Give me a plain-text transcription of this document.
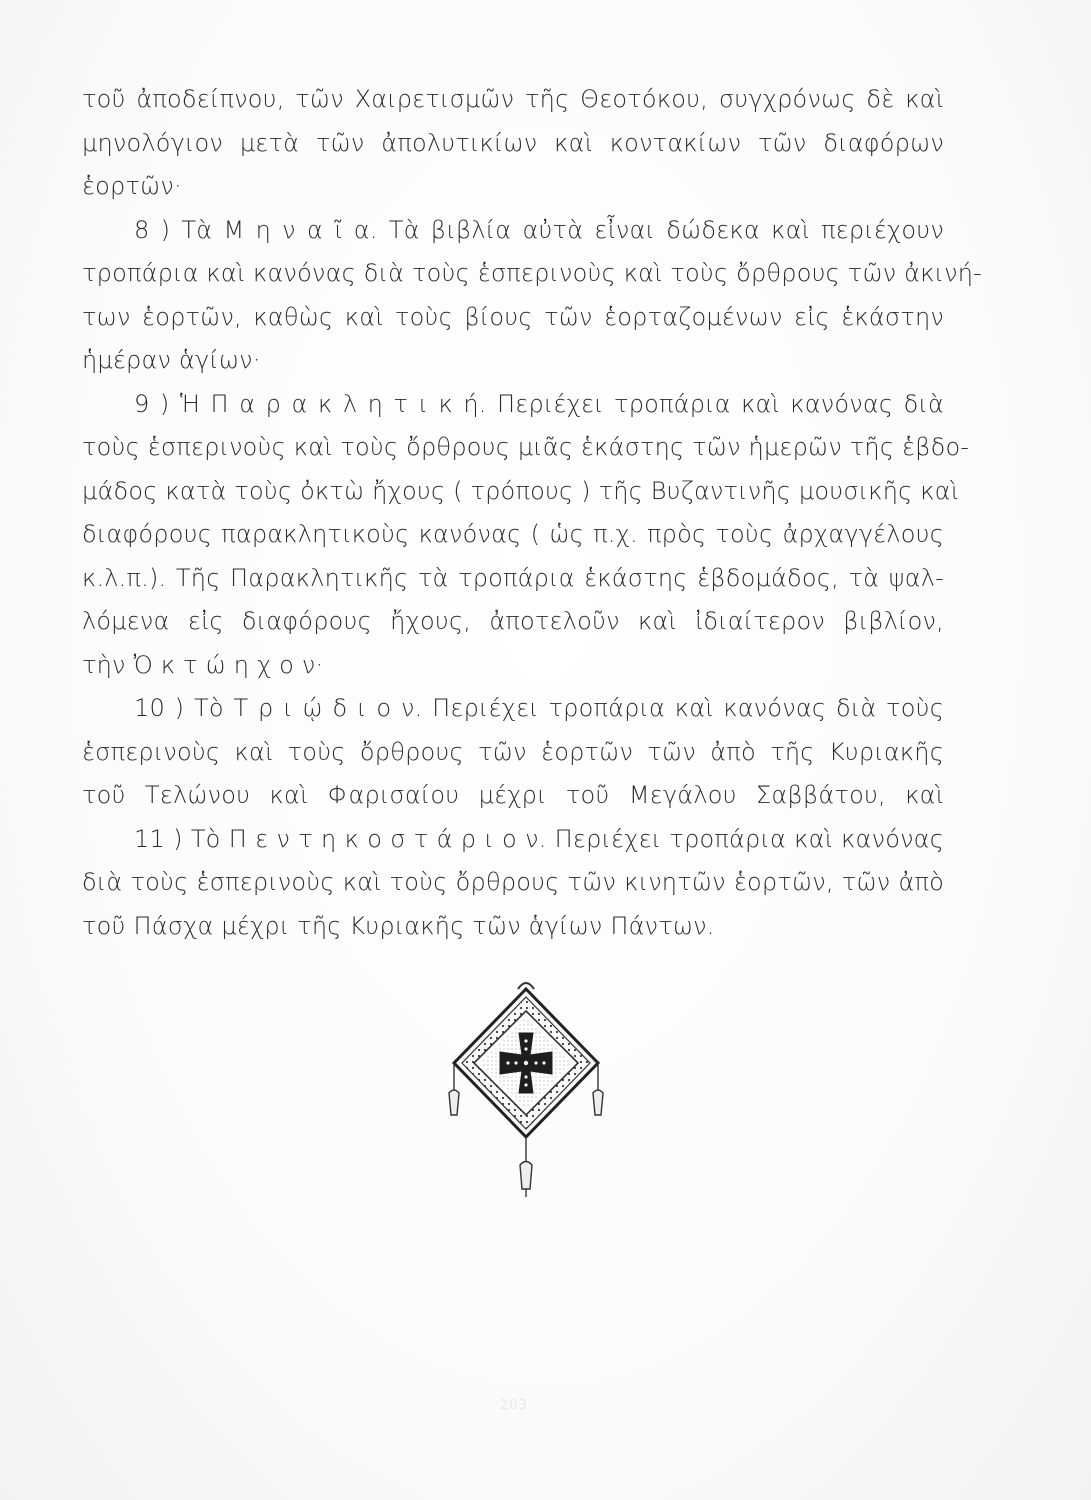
τοῦ ἀποδείπνου, τῶν Χαιρετισμῶν τῆς Θεοτόκου, συγχρόνως δὲ καὶ
μηνολόγιον μετὰ τῶν ἀπολυτικίων καὶ κοντακίων τῶν διαφόρων
ἑορτῶν·
8 ) Τὰ Μ η ν α ῖ α. Τὰ βιβλία αὐτὰ εἶναι δώδεκα καὶ περιέχουν
τροπάρια καὶ κανόνας διὰ τοὺς ἑσπερινοὺς καὶ τοὺς ὄρθρους τῶν ἀκινή-
των ἑορτῶν, καθὼς καὶ τοὺς βίους τῶν ἑορταζομένων εἰς ἑκάστην
ἡμέραν ἁγίων·
9 ) Ἡ Π α ρ α κ λ η τ ι κ ή. Περιέχει τροπάρια καὶ κανόνας διὰ
τοὺς ἑσπερινοὺς καὶ τοὺς ὄρθρους μιᾶς ἑκάστης τῶν ἡμερῶν τῆς ἑβδο-
μάδος κατὰ τοὺς ὀκτὼ ἤχους ( τρόπους ) τῆς Βυζαντινῆς μουσικῆς καὶ
διαφόρους παρακλητικοὺς κανόνας ( ὡς π.χ. πρὸς τοὺς ἀρχαγγέλους
κ.λ.π.). Τῆς Παρακλητικῆς τὰ τροπάρια ἑκάστης ἑβδομάδος, τὰ ψαλ-
λόμενα εἰς διαφόρους ἤχους, ἀποτελοῦν καὶ ἰδιαίτερον βιβλίον,
τὴν Ὀ κ τ ώ η χ ο ν·
10 ) Τὸ Τ ρ ι ῴ δ ι ο ν. Περιέχει τροπάρια καὶ κανόνας διὰ τοὺς
ἑσπερινοὺς καὶ τοὺς ὄρθρους τῶν ἑορτῶν τῶν ἀπὸ τῆς Κυριακῆς
τοῦ Τελώνου καὶ Φαρισαίου μέχρι τοῦ Μεγάλου Σαββάτου, καὶ
11 ) Τὸ Π ε ν τ η κ ο σ τ ά ρ ι ο ν. Περιέχει τροπάρια καὶ κανόνας
διὰ τοὺς ἑσπερινοὺς καὶ τοὺς ὄρθρους τῶν κινητῶν ἑορτῶν, τῶν ἀπὸ
τοῦ Πάσχα μέχρι τῆς Κυριακῆς τῶν ἁγίων Πάντων.
203
